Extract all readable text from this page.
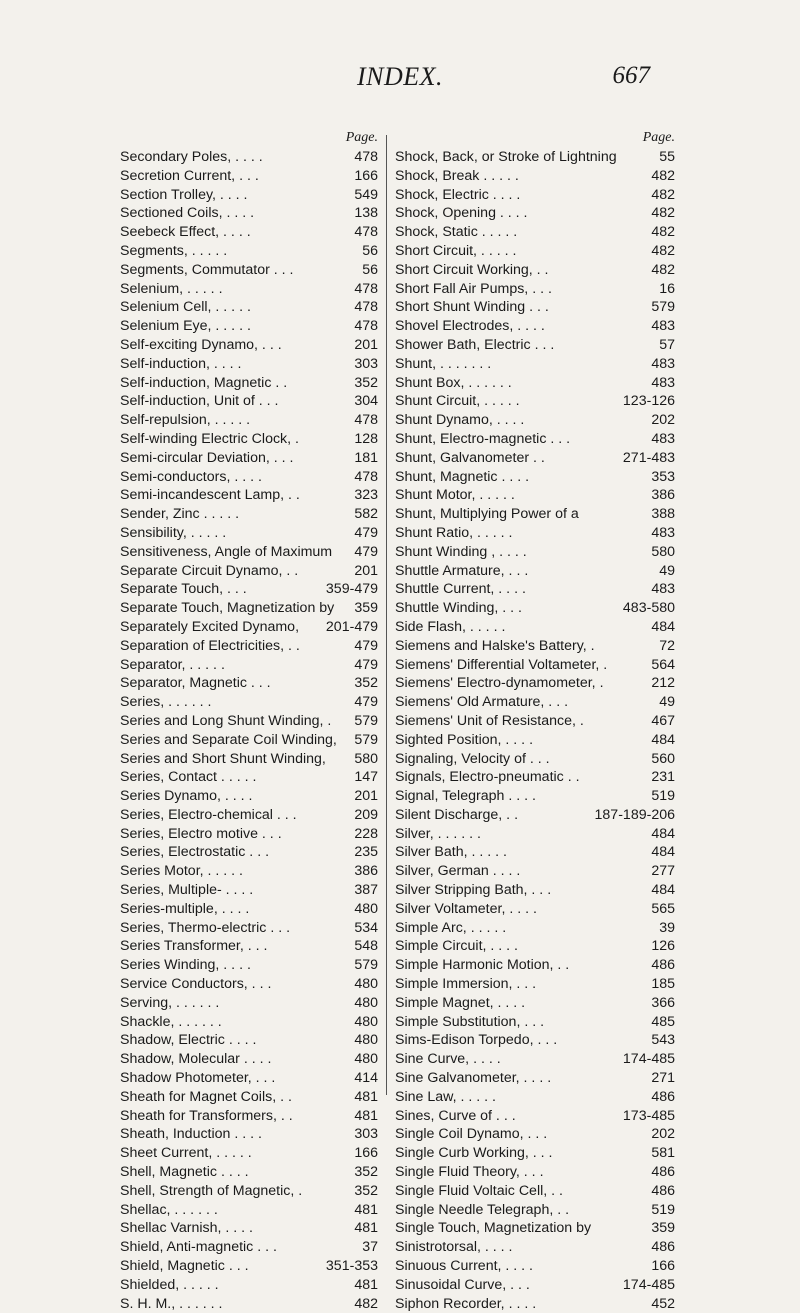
INDEX.	667
Page.
Secondary Poles, . . . .	478
Secretion Current, . . .	166
Section Trolley, . . . .	549
Sectioned Coils, . . . .	138
Seebeck Effect, . . . .	478
Segments, . . . . .	56
Segments, Commutator . . .	56
Selenium, . . . . .	478
Selenium Cell, . . . . .	478
Selenium Eye, . . . . .	478
Self-exciting Dynamo, . . .	201
Self-induction, . . . .	303
Self-induction, Magnetic . .	352
Self-induction, Unit of . . .	304
Self-repulsion, . . . . .	478
Self-winding Electric Clock, .	128
Semi-circular Deviation, . . .	181
Semi-conductors, . . . .	478
Semi-incandescent Lamp, . .	323
Sender, Zinc . . . . .	582
Sensibility, . . . . .	479
Sensitiveness, Angle of Maximum 479
Separate Circuit Dynamo, . .	201
Separate Touch, . . .	359-479
Separate Touch, Magnetization by 359
Separately Excited Dynamo, 201-479
Separation of Electricities, . .	479
Separator, . . . . .	479
Separator, Magnetic . . .	352
Series, . . . . . .	479
Series and Long Shunt Winding, . 579
Series and Separate Coil Winding, 579
Series and Short Shunt Winding, 580
Series, Contact . . . . .	147
Series Dynamo, . . . .	201
Series, Electro-chemical . . .	209
Series, Electro motive . . .	228
Series, Electrostatic . . .	235
Series Motor, . . . . .	386
Series, Multiple- . . . .	387
Series-multiple, . . . .	480
Series, Thermo-electric . . .	534
Series Transformer, . . .	548
Series Winding, . . . .	579
Service Conductors, . . .	480
Serving, . . . . . .	480
Shackle, . . . . . .	480
Shadow, Electric . . . .	480
Shadow, Molecular . . . .	480
Shadow Photometer, . . .	414
Sheath for Magnet Coils, . .	481
Sheath for Transformers, . .	481
Sheath, Induction . . . .	303
Sheet Current, . . . . .	166
Shell, Magnetic . . . .	352
Shell, Strength of Magnetic, .	352
Shellac, . . . . . .	481
Shellac Varnish, . . . .	481
Shield, Anti-magnetic . . .	37
Shield, Magnetic . . .	351-353
Shielded, . . . . .	481
S. H. M., . . . . . .	482
Page.
Shock, Back, or Stroke of Lightning	55
Shock, Break . . . . .	482
Shock, Electric . . . .	482
Shock, Opening . . . .	482
Shock, Static . . . . .	482
Short Circuit, . . . . .	482
Short Circuit Working, . .	482
Short Fall Air Pumps, . . .	16
Short Shunt Winding . . .	579
Shovel Electrodes, . . . .	483
Shower Bath, Electric . . .	57
Shunt, . . . . . . .	483
Shunt Box, . . . . . .	483
Shunt Circuit, . . . . .	123-126
Shunt Dynamo, . . . .	202
Shunt, Electro-magnetic . . .	483
Shunt, Galvanometer . .	271-483
Shunt, Magnetic . . . .	353
Shunt Motor, . . . . .	386
Shunt, Multiplying Power of a	388
Shunt Ratio, . . . . .	483
Shunt Winding , . . . .	580
Shuttle Armature, . . .	49
Shuttle Current, . . . .	483
Shuttle Winding, . . .	483-580
Side Flash, . . . . .	484
Siemens and Halske's Battery, .	72
Siemens' Differential Voltameter, .	564
Siemens' Electro-dynamometer, .	212
Siemens' Old Armature, . . .	49
Siemens' Unit of Resistance, .	467
Sighted Position, . . . .	484
Signaling, Velocity of . . .	560
Signals, Electro-pneumatic . .	231
Signal, Telegraph . . . .	519
Silent Discharge, . .	187-189-206
Silver, . . . . . .	484
Silver Bath, . . . . .	484
Silver, German . . . .	277
Silver Stripping Bath, . . .	484
Silver Voltameter, . . . .	565
Simple Arc, . . . . .	39
Simple Circuit, . . . .	126
Simple Harmonic Motion, . .	486
Simple Immersion, . . .	185
Simple Magnet, . . . .	366
Simple Substitution, . . .	485
Sims-Edison Torpedo, . . .	543
Sine Curve, . . . .	174-485
Sine Galvanometer, . . . .	271
Sine Law, . . . . .	486
Sines, Curve of . . .	173-485
Single Coil Dynamo, . . .	202
Single Curb Working, . . .	581
Single Fluid Theory, . . .	486
Single Fluid Voltaic Cell, . .	486
Single Needle Telegraph, . .	519
Single Touch, Magnetization by	359
Sinistrotorsal, . . . .	486
Sinuous Current, . . . .	166
Sinusoidal Curve, . . .	174-485
Siphon Recorder, . . . .	452
